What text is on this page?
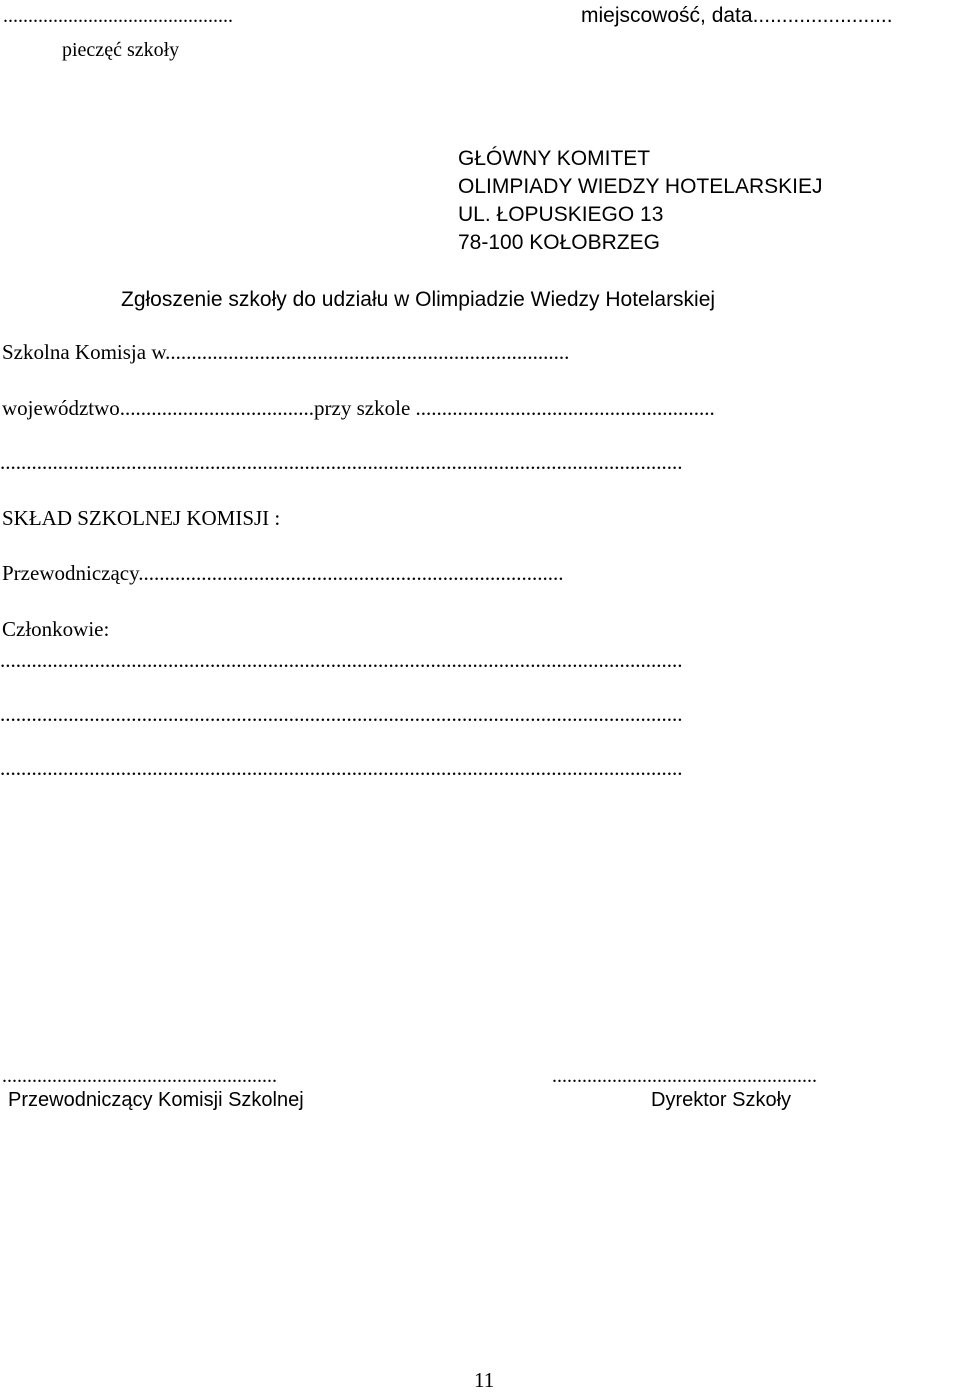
..............................................
pieczęć szkoły
miejscowość, data........................
GŁÓWNY KOMITET
OLIMPIADY WIEDZY HOTELARSKIEJ
UL. ŁOPUSKIEGO 13
78-100 KOŁOBRZEG
Zgłoszenie szkoły do udziału w Olimpiadzie Wiedzy Hotelarskiej
Szkolna Komisja w.............................................................................
województwo.....................................przy szkole .........................................................
..................................................................................................................................
SKŁAD SZKOLNEJ KOMISJI :
Przewodniczący.................................................................................
Członkowie:
..................................................................................................................................
..................................................................................................................................
..................................................................................................................................
.......................................................
Przewodniczący Komisji Szkolnej
.....................................................
Dyrektor Szkoły
11
